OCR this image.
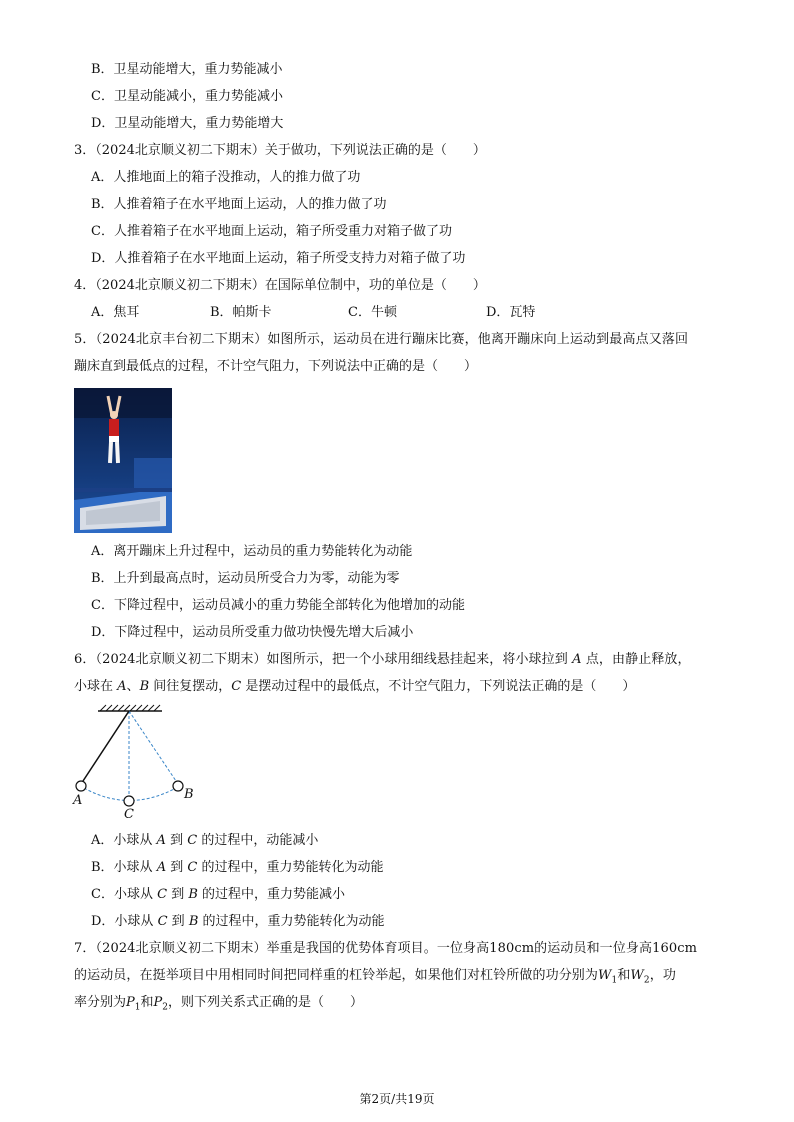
B．卫星动能增大，重力势能减小
C．卫星动能减小，重力势能减小
D．卫星动能增大，重力势能增大
3．（2024北京顺义初二下期末）关于做功，下列说法正确的是（　　）
A．人推地面上的箱子没推动，人的推力做了功
B．人推着箱子在水平地面上运动，人的推力做了功
C．人推着箱子在水平地面上运动，箱子所受重力对箱子做了功
D．人推着箱子在水平地面上运动，箱子所受支持力对箱子做了功
4．（2024北京顺义初二下期末）在国际单位制中，功的单位是（　　）
A．焦耳	B．帕斯卡	C．牛顿	D．瓦特
5．（2024北京丰台初二下期末）如图所示，运动员在进行蹦床比赛，他离开蹦床向上运动到最高点又落回
蹦床直到最低点的过程，不计空气阻力，下列说法中正确的是（　　）
A．离开蹦床上升过程中，运动员的重力势能转化为动能
B．上升到最高点时，运动员所受合力为零，动能为零
C．下降过程中，运动员减小的重力势能全部转化为他增加的动能
D．下降过程中，运动员所受重力做功快慢先增大后减小
6．（2024北京顺义初二下期末）如图所示，把一个小球用细线悬挂起来，将小球拉到 A 点，由静止释放，
小球在 A、B 间往复摆动，C 是摆动过程中的最低点，不计空气阻力，下列说法正确的是（　　）
A
C
B
A．小球从 A 到 C 的过程中，动能减小
B．小球从 A 到 C 的过程中，重力势能转化为动能
C．小球从 C 到 B 的过程中，重力势能减小
D．小球从 C 到 B 的过程中，重力势能转化为动能
7．（2024北京顺义初二下期末）举重是我国的优势体育项目。一位身高180cm的运动员和一位身高160cm
的运动员，在挺举项目中用相同时间把同样重的杠铃举起，如果他们对杠铃所做的功分别为$W_1$和$W_2$，功
率分别为$P_1$和$P_2$，则下列关系式正确的是（　　）
第2页/共19页
